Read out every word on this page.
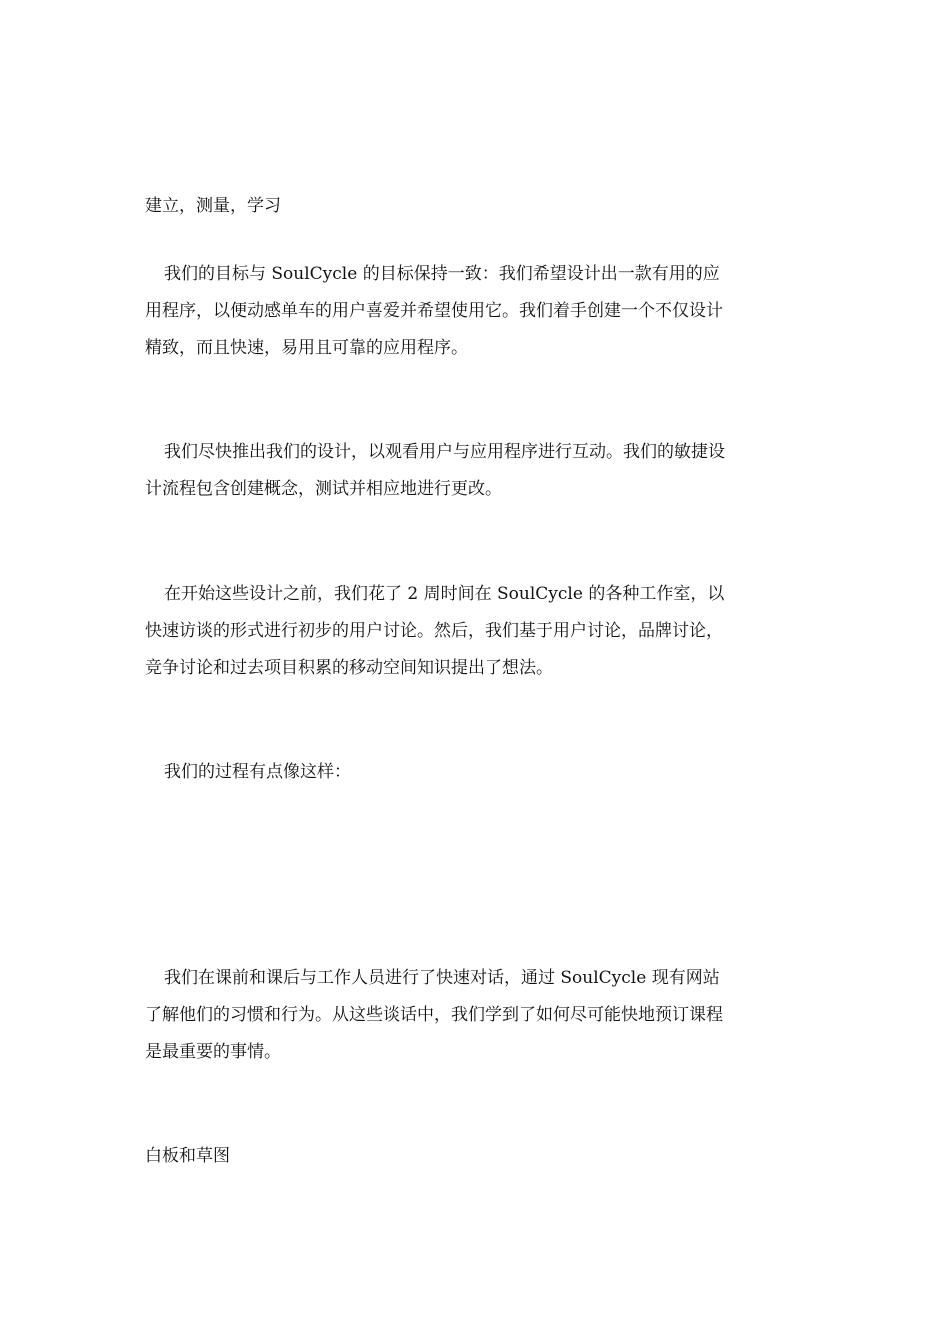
建立，测量，学习
我们的目标与 SoulCycle 的目标保持一致：我们希望设计出一款有用的应
用程序，以便动感单车的用户喜爱并希望使用它。我们着手创建一个不仅设计
精致，而且快速，易用且可靠的应用程序。
我们尽快推出我们的设计，以观看用户与应用程序进行互动。我们的敏捷设
计流程包含创建概念，测试并相应地进行更改。
在开始这些设计之前，我们花了 2 周时间在 SoulCycle 的各种工作室，以
快速访谈的形式进行初步的用户讨论。然后，我们基于用户讨论，品牌讨论，
竞争讨论和过去项目积累的移动空间知识提出了想法。
我们的过程有点像这样：
我们在课前和课后与工作人员进行了快速对话，通过 SoulCycle 现有网站
了解他们的习惯和行为。从这些谈话中，我们学到了如何尽可能快地预订课程
是最重要的事情。
白板和草图
